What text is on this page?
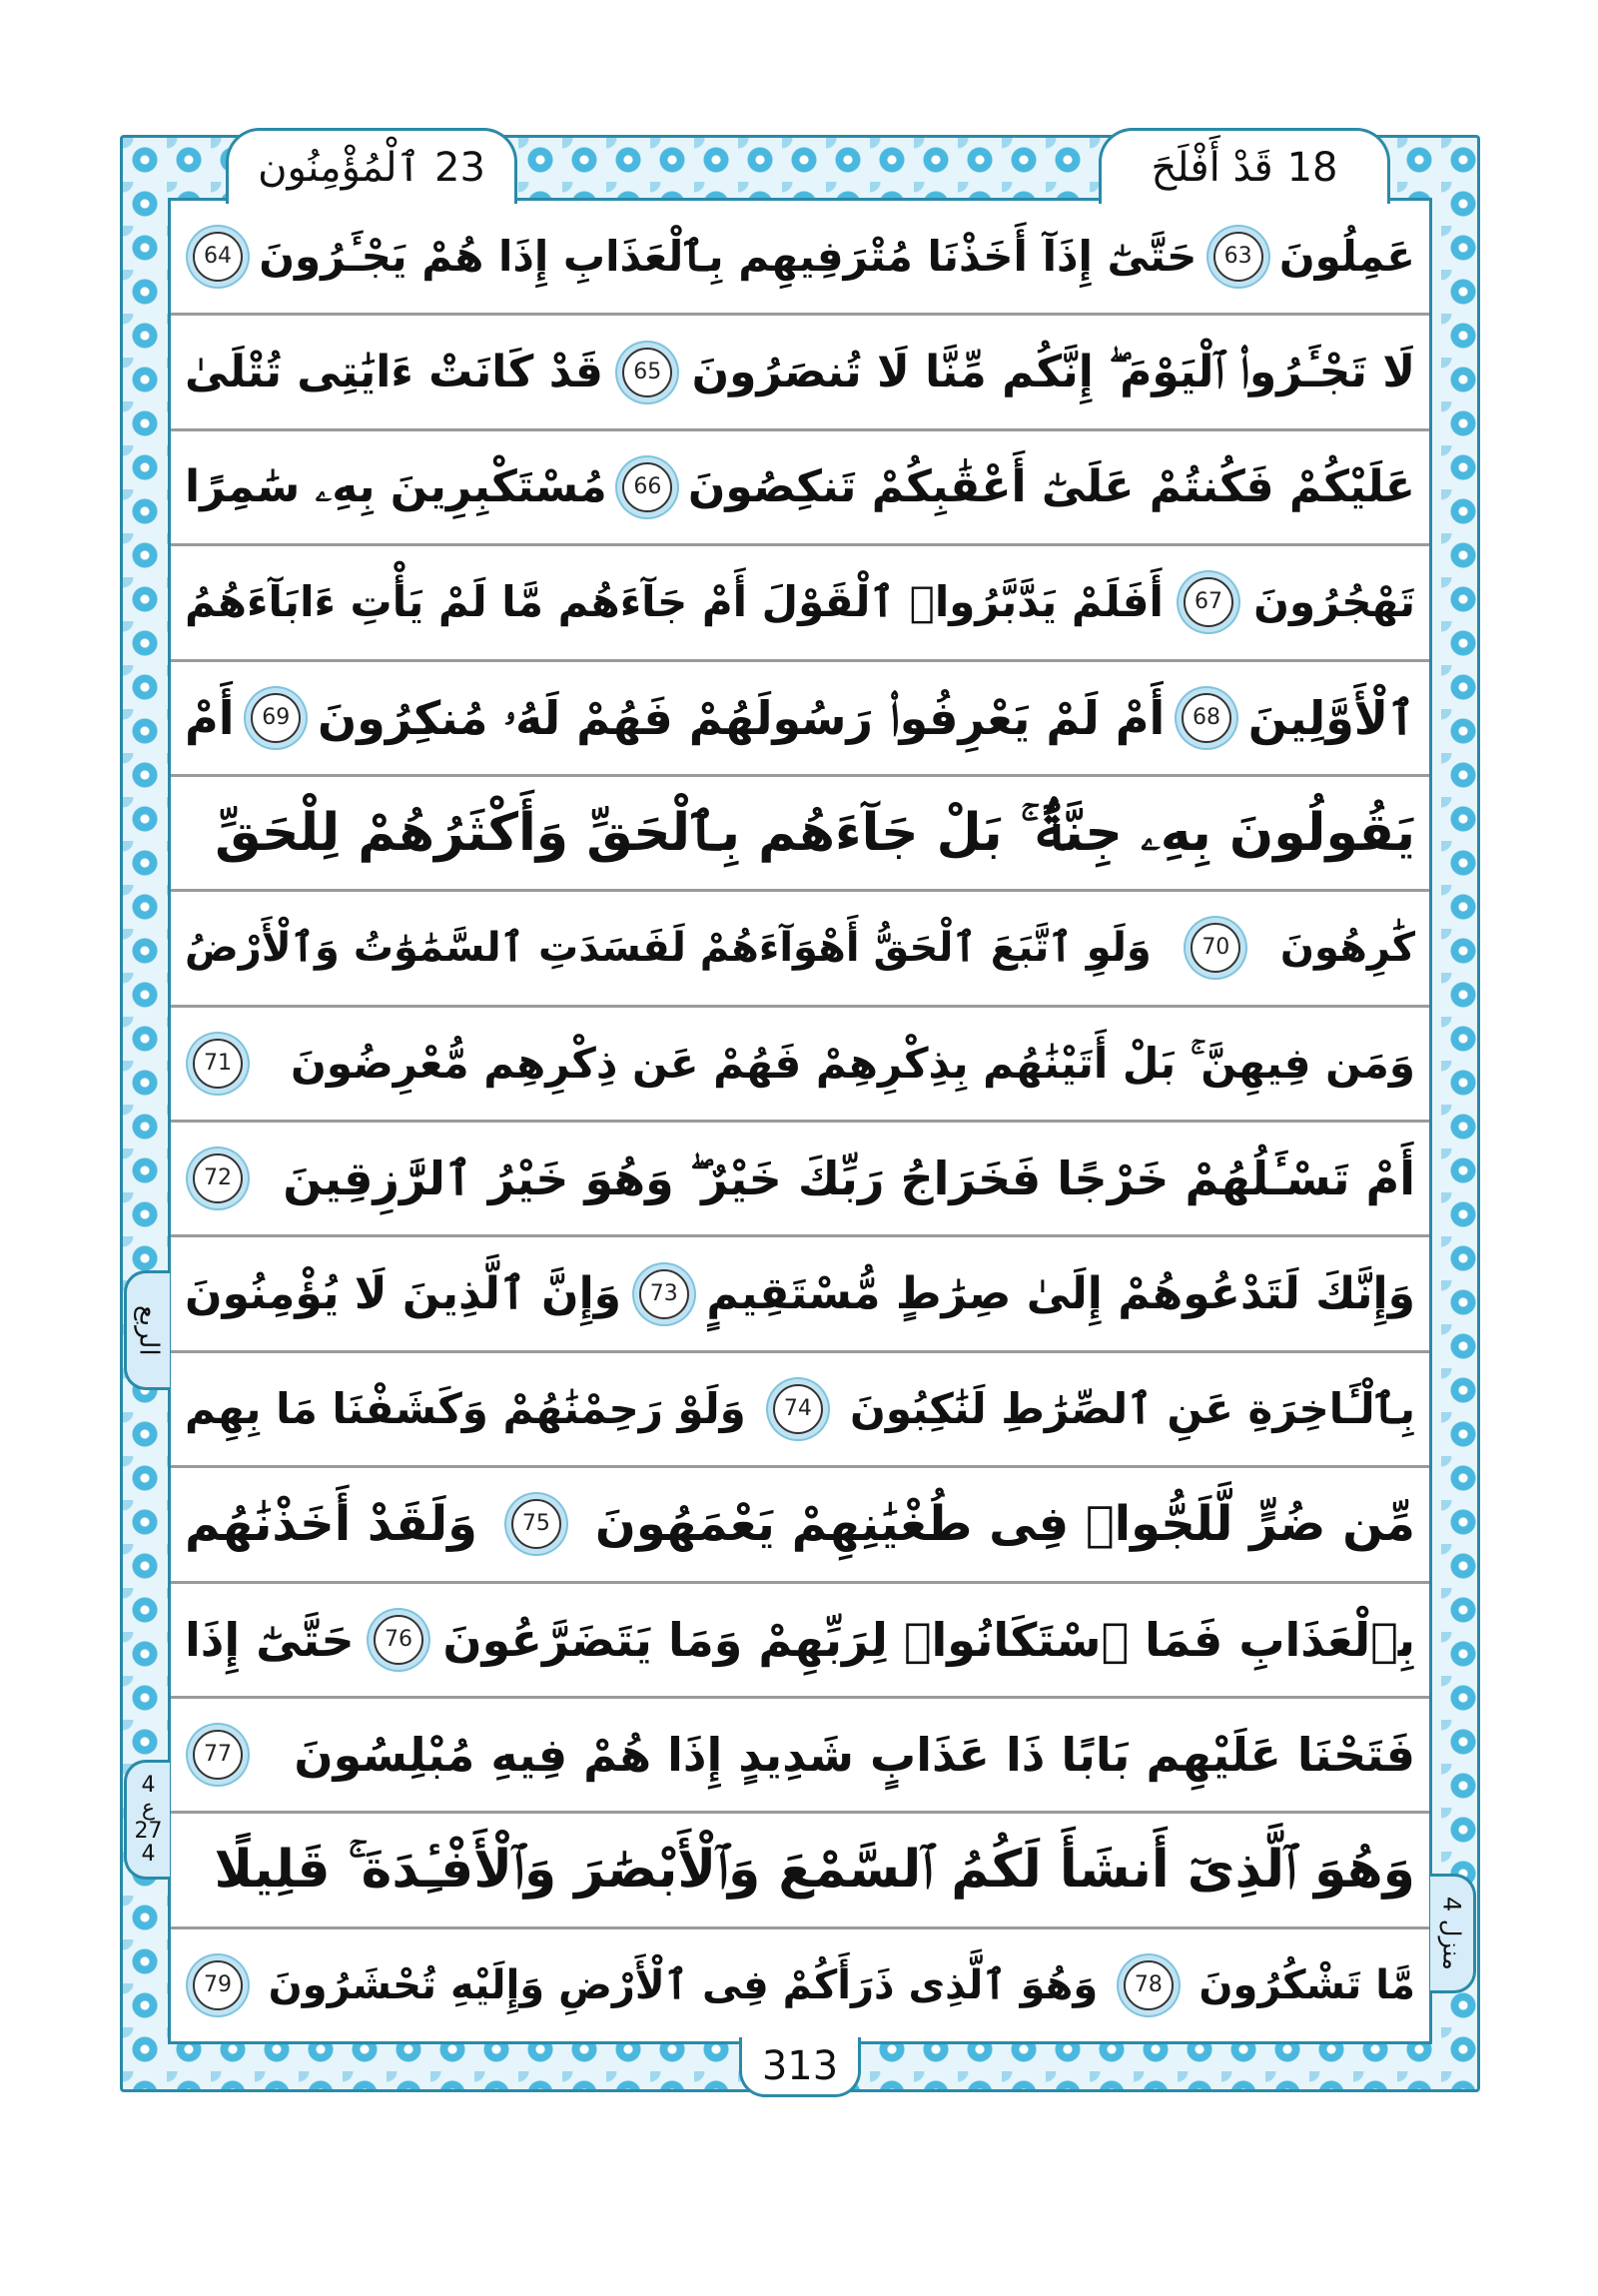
ٱلْمُؤْمِنُون 23	قَدْ أَفْلَحَ 18
عَمِلُونَ
63
حَتَّىٰٓ إِذَآ أَخَذْنَا مُتْرَفِيهِم بِٱلْعَذَابِ إِذَا هُمْ يَجْـَٔرُونَ
64
لَا تَجْـَٔرُوا۟ ٱلْيَوْمَ ۖ إِنَّكُم مِّنَّا لَا تُنصَرُونَ
65
قَدْ كَانَتْ ءَايَٰتِى تُتْلَىٰ
عَلَيْكُمْ فَكُنتُمْ عَلَىٰٓ أَعْقَٰبِكُمْ تَنكِصُونَ
66
مُسْتَكْبِرِينَ بِهِۦ سَٰمِرًا
تَهْجُرُونَ
67
أَفَلَمْ يَدَّبَّرُوا۟ ٱلْقَوْلَ أَمْ جَآءَهُم مَّا لَمْ يَأْتِ ءَابَآءَهُمُ
ٱلْأَوَّلِينَ
68
أَمْ لَمْ يَعْرِفُوا۟ رَسُولَهُمْ فَهُمْ لَهُۥ مُنكِرُونَ
69
أَمْ
يَقُولُونَ بِهِۦ جِنَّةٌۢ ۚ بَلْ جَآءَهُم بِٱلْحَقِّ وَأَكْثَرُهُمْ لِلْحَقِّ
كَٰرِهُونَ
70
وَلَوِ ٱتَّبَعَ ٱلْحَقُّ أَهْوَآءَهُمْ لَفَسَدَتِ ٱلسَّمَٰوَٰتُ وَٱلْأَرْضُ
وَمَن فِيهِنَّ ۚ بَلْ أَتَيْنَٰهُم بِذِكْرِهِمْ فَهُمْ عَن ذِكْرِهِم مُّعْرِضُونَ
71
أَمْ تَسْـَٔلُهُمْ خَرْجًا فَخَرَاجُ رَبِّكَ خَيْرٌ ۖ وَهُوَ خَيْرُ ٱلرَّٰزِقِينَ
72
وَإِنَّكَ لَتَدْعُوهُمْ إِلَىٰ صِرَٰطٍ مُّسْتَقِيمٍ
73
وَإِنَّ ٱلَّذِينَ لَا يُؤْمِنُونَ
بِٱلْـَٔاخِرَةِ عَنِ ٱلصِّرَٰطِ لَنَٰكِبُونَ
74
وَلَوْ رَحِمْنَٰهُمْ وَكَشَفْنَا مَا بِهِم
مِّن ضُرٍّ لَّلَجُّوا۟ فِى طُغْيَٰنِهِمْ يَعْمَهُونَ
75
وَلَقَدْ أَخَذْنَٰهُم
بِٱلْعَذَابِ فَمَا ٱسْتَكَانُوا۟ لِرَبِّهِمْ وَمَا يَتَضَرَّعُونَ
76
حَتَّىٰٓ إِذَا
فَتَحْنَا عَلَيْهِم بَابًا ذَا عَذَابٍ شَدِيدٍ إِذَا هُمْ فِيهِ مُبْلِسُونَ
77
وَهُوَ ٱلَّذِىٓ أَنشَأَ لَكُمُ ٱلسَّمْعَ وَٱلْأَبْصَٰرَ وَٱلْأَفْـِٔدَةَ ۚ قَلِيلًا
مَّا تَشْكُرُونَ
78
وَهُوَ ٱلَّذِى ذَرَأَكُمْ فِى ٱلْأَرْضِ وَإِلَيْهِ تُحْشَرُونَ
79
313
الربع
4
ع
27
4
منزل 4
